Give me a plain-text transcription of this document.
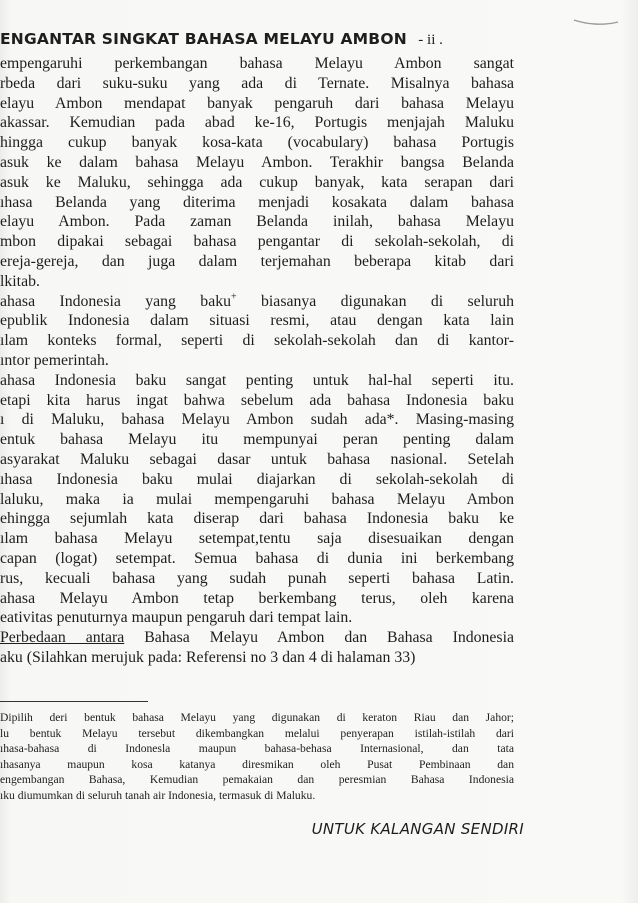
ENGANTAR SINGKAT BAHASA MELAYU AMBON - ii .
empengaruhi perkembangan bahasa Melayu Ambon sangat
rbeda dari suku-suku yang ada di Ternate. Misalnya bahasa
elayu Ambon mendapat banyak pengaruh dari bahasa Melayu
akassar. Kemudian pada abad ke-16, Portugis menjajah Maluku
hingga cukup banyak kosa-kata (vocabulary) bahasa Portugis
asuk ke dalam bahasa Melayu Ambon. Terakhir bangsa Belanda
asuk ke Maluku, sehingga ada cukup banyak, kata serapan dari
ıhasa Belanda yang diterima menjadi kosakata dalam bahasa
elayu Ambon. Pada zaman Belanda inilah, bahasa Melayu
mbon dipakai sebagai bahasa pengantar di sekolah-sekolah, di
ereja-gereja, dan juga dalam terjemahan beberapa kitab dari
lkitab.
ahasa Indonesia yang baku+ biasanya digunakan di seluruh
epublik Indonesia dalam situasi resmi, atau dengan kata lain
ılam konteks formal, seperti di sekolah-sekolah dan di kantor-
ıntor pemerintah.
ahasa Indonesia baku sangat penting untuk hal-hal seperti itu.
etapi kita harus ingat bahwa sebelum ada bahasa Indonesia baku
ı di Maluku, bahasa Melayu Ambon sudah ada*. Masing-masing
entuk bahasa Melayu itu mempunyai peran penting dalam
asyarakat Maluku sebagai dasar untuk bahasa nasional. Setelah
ıhasa Indonesia baku mulai diajarkan di sekolah-sekolah di
laluku, maka ia mulai mempengaruhi bahasa Melayu Ambon
ehingga sejumlah kata diserap dari bahasa Indonesia baku ke
ılam bahasa Melayu setempat,tentu saja disesuaikan dengan
capan (logat) setempat. Semua bahasa di dunia ini berkembang
rus, kecuali bahasa yang sudah punah seperti bahasa Latin.
ahasa Melayu Ambon tetap berkembang terus, oleh karena
eativitas penuturnya maupun pengaruh dari tempat lain.
Perbedaan antara Bahasa Melayu Ambon dan Bahasa Indonesia
aku (Silahkan merujuk pada: Referensi no 3 dan 4 di halaman 33)
Dipilih deri bentuk bahasa Melayu yang digunakan di keraton Riau dan Jahor;
lu bentuk Melayu tersebut dikembangkan melalui penyerapan istilah-istilah dari
ıhasa-bahasa di Indonesla maupun bahasa-behasa Internasional, dan tata
ıhasanya maupun kosa katanya diresmikan oleh Pusat Pembinaan dan
engembangan Bahasa, Kemudian pemakaian dan peresmian Bahasa Indonesia
ıku diumumkan di seluruh tanah air Indonesia, termasuk di Maluku.
UNTUK KALANGAN SENDIRI
